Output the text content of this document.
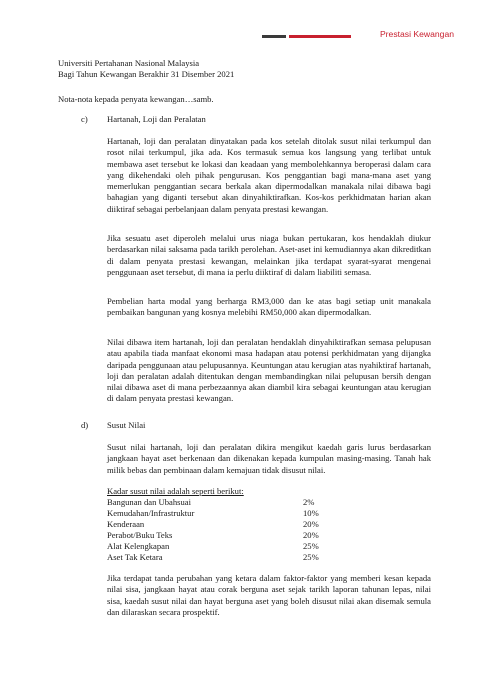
Prestasi Kewangan
Universiti Pertahanan Nasional Malaysia
Bagi Tahun Kewangan Berakhir 31 Disember 2021
Nota-nota kepada penyata kewangan…samb.
c) Hartanah, Loji dan Peralatan
Hartanah, loji dan peralatan dinyatakan pada kos setelah ditolak susut nilai terkumpul dan rosot nilai terkumpul, jika ada. Kos termasuk semua kos langsung yang terlibat untuk membawa aset tersebut ke lokasi dan keadaan yang membolehkannya beroperasi dalam cara yang dikehendaki oleh pihak pengurusan. Kos penggantian bagi mana-mana aset yang memerlukan penggantian secara berkala akan dipermodalkan manakala nilai dibawa bagi bahagian yang diganti tersebut akan dinyahiktirafkan. Kos-kos perkhidmatan harian akan diiktiraf sebagai perbelanjaan dalam penyata prestasi kewangan.
Jika sesuatu aset diperoleh melalui urus niaga bukan pertukaran, kos hendaklah diukur berdasarkan nilai saksama pada tarikh perolehan. Aset-aset ini kemudiannya akan dikreditkan di dalam penyata prestasi kewangan, melainkan jika terdapat syarat-syarat mengenai penggunaan aset tersebut, di mana ia perlu diiktiraf di dalam liabiliti semasa.
Pembelian harta modal yang berharga RM3,000 dan ke atas bagi setiap unit manakala pembaikan bangunan yang kosnya melebihi RM50,000 akan dipermodalkan.
Nilai dibawa item hartanah, loji dan peralatan hendaklah dinyahiktirafkan semasa pelupusan atau apabila tiada manfaat ekonomi masa hadapan atau potensi perkhidmatan yang dijangka daripada penggunaan atau pelupusannya. Keuntungan atau kerugian atas nyahiktiraf hartanah, loji dan peralatan adalah ditentukan dengan membandingkan nilai pelupusan bersih dengan nilai dibawa aset di mana perbezaannya akan diambil kira sebagai keuntungan atau kerugian di dalam penyata prestasi kewangan.
d) Susut Nilai
Susut nilai hartanah, loji dan peralatan dikira mengikut kaedah garis lurus berdasarkan jangkaan hayat aset berkenaan dan dikenakan kepada kumpulan masing-masing. Tanah hak milik bebas dan pembinaan dalam kemajuan tidak disusut nilai.
Kadar susut nilai adalah seperti berikut:
Bangunan dan Ubahsuai	2%
Kemudahan/Infrastruktur	10%
Kenderaan	20%
Perabot/Buku Teks	20%
Alat Kelengkapan	25%
Aset Tak Ketara	25%
Jika terdapat tanda perubahan yang ketara dalam faktor-faktor yang memberi kesan kepada nilai sisa, jangkaan hayat atau corak berguna aset sejak tarikh laporan tahunan lepas, nilai sisa, kaedah susut nilai dan hayat berguna aset yang boleh disusut nilai akan disemak semula dan dilaraskan secara prospektif.
